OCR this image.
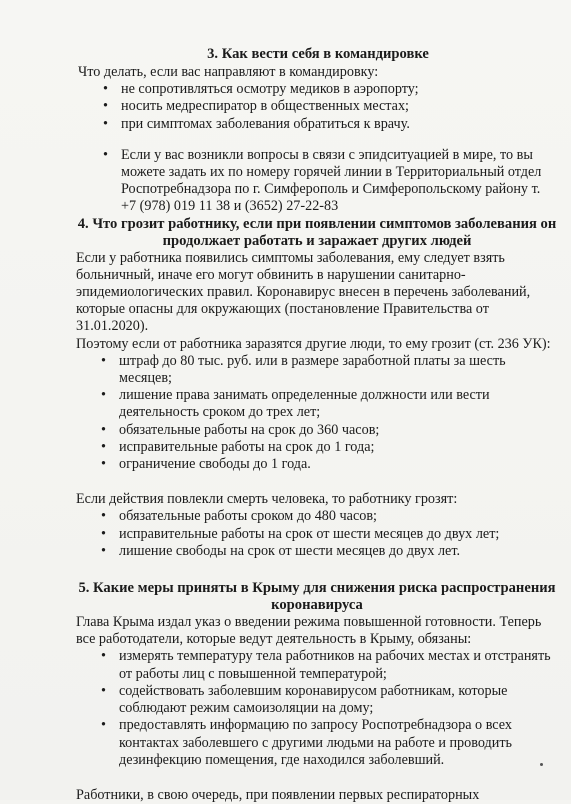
3. Как вести себя в командировке

Что делать, если вас направляют в командировку:

• не сопротивляться осмотру медиков в аэропорту;
• носить медреспиратор в общественных местах;
• при симптомах заболевания обратиться к врачу.
• Если у вас возникли вопросы в связи с эпидситуацией в мире, то вы можете задать их по номеру горячей линии в Территориальный отдел Роспотребнадзора по г. Симферополь и Симферопольскому району т. +7 (978) 019 11 38 и (3652) 27-22-83
4. Что грозит работнику, если при появлении симптомов заболевания он продолжает работать и заражает других людей

Если у работника появились симптомы заболевания, ему следует взять больничный, иначе его могут обвинить в нарушении санитарно-эпидемиологических правил. Коронавирус внесен в перечень заболеваний, которые опасны для окружающих (постановление Правительства от 31.01.2020).

Поэтому если от работника заразятся другие люди, то ему грозит (ст. 236 УК):

• штраф до 80 тыс. руб. или в размере заработной платы за шесть месяцев;
• лишение права занимать определенные должности или вести деятельность сроком до трех лет;
• обязательные работы на срок до 360 часов;
• исправительные работы на срок до 1 года;
• ограничение свободы до 1 года.

Если действия повлекли смерть человека, то работнику грозят:

• обязательные работы сроком до 480 часов;
• исправительные работы на срок от шести месяцев до двух лет;
• лишение свободы на срок от шести месяцев до двух лет.
5. Какие меры приняты в Крыму для снижения риска распространения коронавируса

Глава Крыма издал указ о введении режима повышенной готовности. Теперь все работодатели, которые ведут деятельность в Крыму, обязаны:

• измерять температуру тела работников на рабочих местах и отстранять от работы лиц с повышенной температурой;
• содействовать заболевшим коронавирусом работникам, которые соблюдают режим самоизоляции на дому;
• предоставлять информацию по запросу Роспотребнадзора о всех контактах заболевшего с другими людьми на работе и проводить дезинфекцию помещения, где находился заболевший.

Работники, в свою очередь, при появлении первых респираторных
